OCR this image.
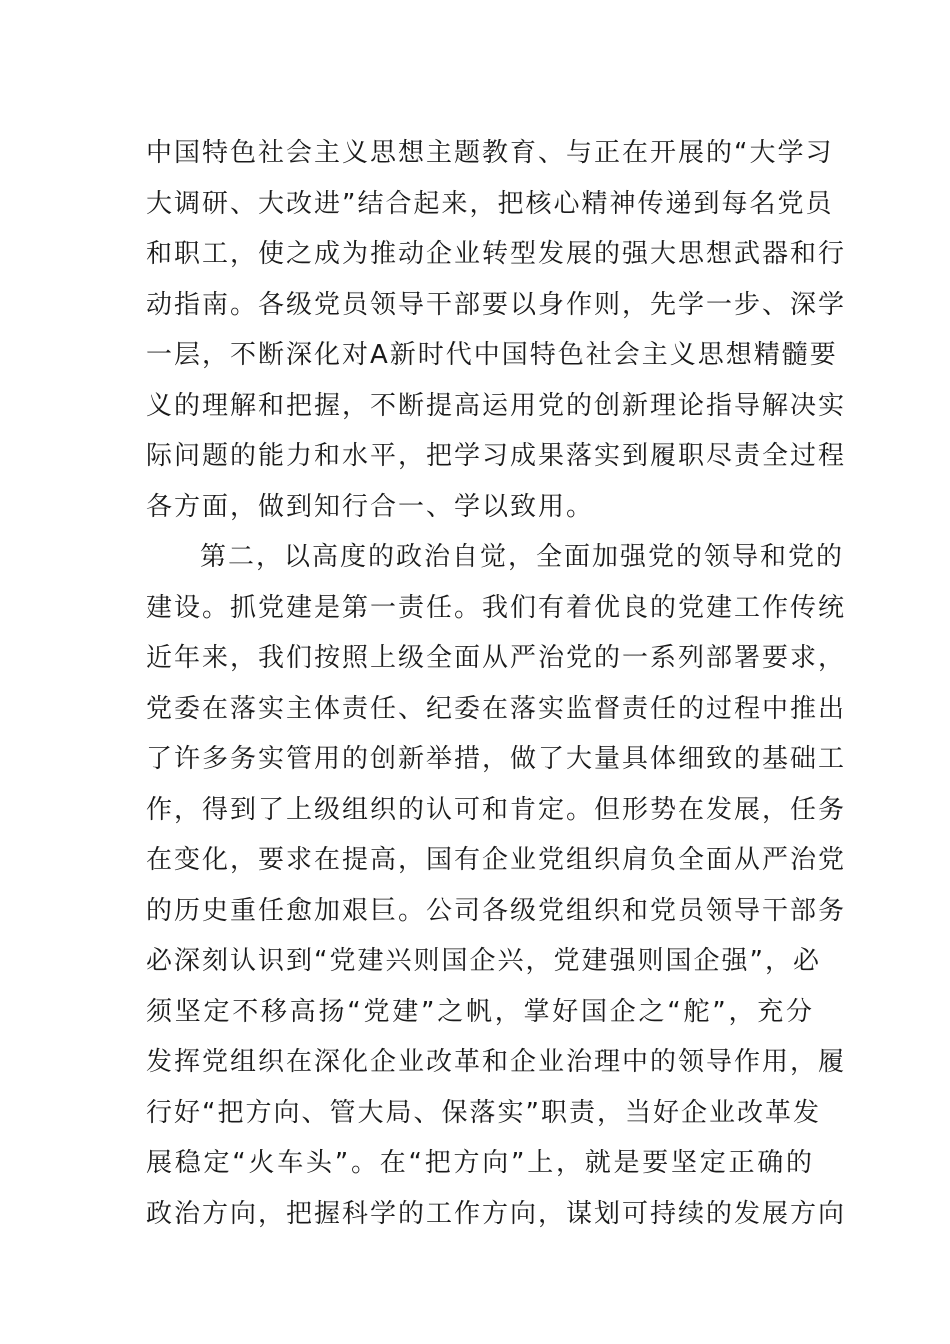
中国特色社会主义思想主题教育、与正在开展的“大学习
大调研、大改进”结合起来，把核心精神传递到每名党员
和职工，使之成为推动企业转型发展的强大思想武器和行
动指南。各级党员领导干部要以身作则，先学一步、深学
一层，不断深化对A新时代中国特色社会主义思想精髓要
义的理解和把握，不断提高运用党的创新理论指导解决实
际问题的能力和水平，把学习成果落实到履职尽责全过程
各方面，做到知行合一、学以致用。
第二，以高度的政治自觉，全面加强党的领导和党的
建设。抓党建是第一责任。我们有着优良的党建工作传统
近年来，我们按照上级全面从严治党的一系列部署要求，
党委在落实主体责任、纪委在落实监督责任的过程中推出
了许多务实管用的创新举措，做了大量具体细致的基础工
作，得到了上级组织的认可和肯定。但形势在发展，任务
在变化，要求在提高，国有企业党组织肩负全面从严治党
的历史重任愈加艰巨。公司各级党组织和党员领导干部务
必深刻认识到“党建兴则国企兴，党建强则国企强”，必
须坚定不移高扬“党建”之帆，掌好国企之“舵”，充分
发挥党组织在深化企业改革和企业治理中的领导作用，履
行好“把方向、管大局、保落实”职责，当好企业改革发
展稳定“火车头”。在“把方向”上，就是要坚定正确的
政治方向，把握科学的工作方向，谋划可持续的发展方向
